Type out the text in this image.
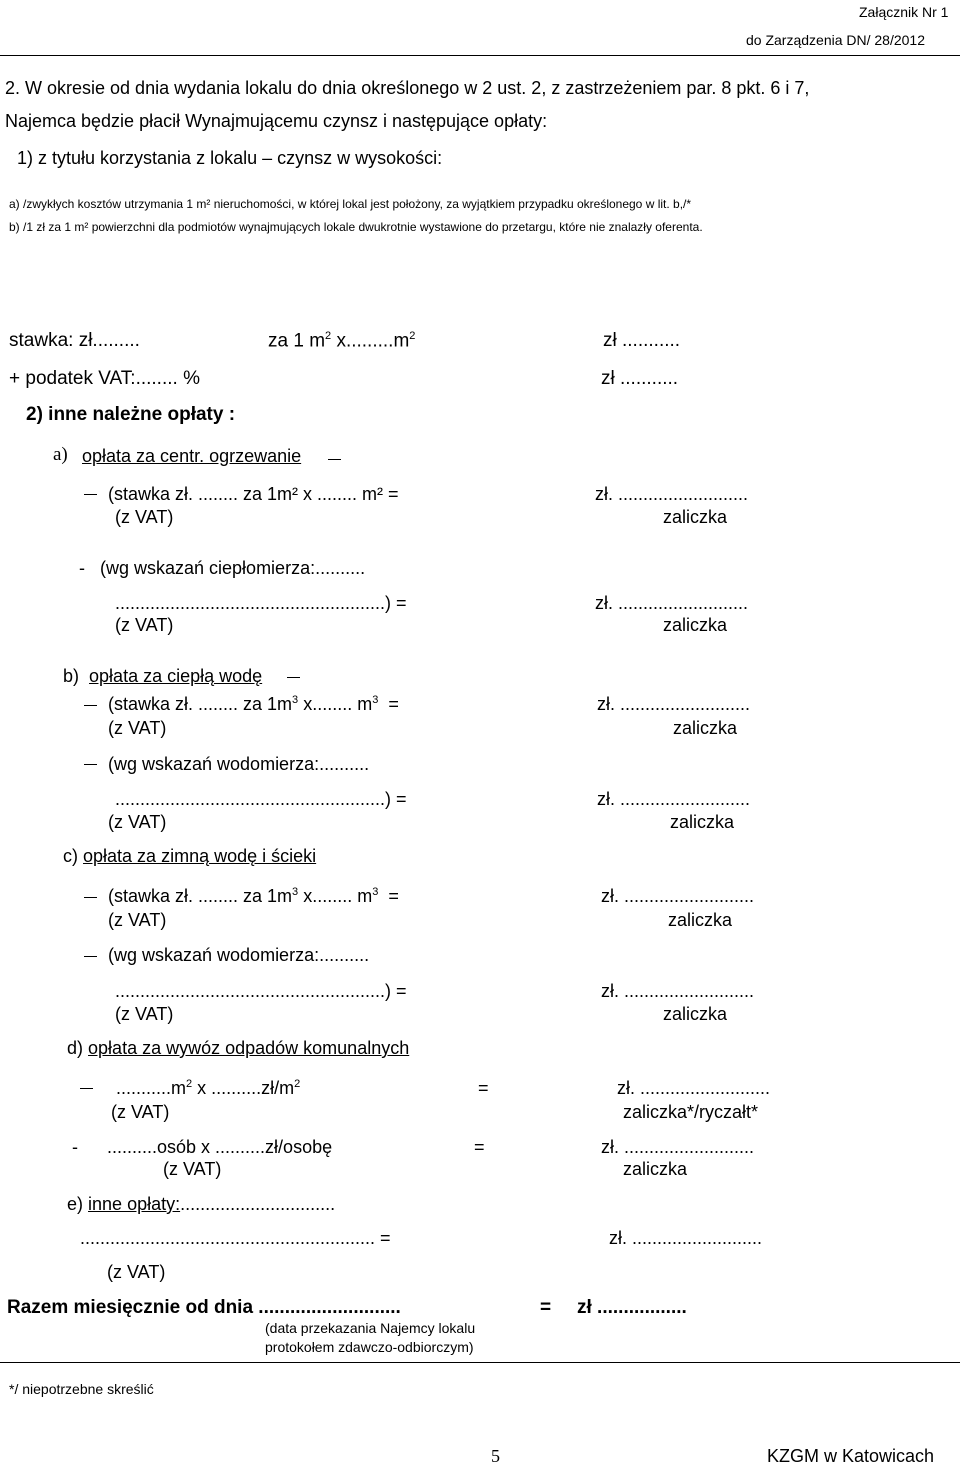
Załącznik Nr 1
do Zarządzenia DN/ 28/2012
2. W okresie od dnia wydania lokalu do dnia określonego w 2 ust. 2, z zastrzeżeniem par. 8 pkt. 6 i 7,
Najemca będzie płacił Wynajmującemu czynsz i następujące opłaty:
1) z tytułu korzystania z lokalu – czynsz w wysokości:
a) /zwykłych kosztów utrzymania 1 m² nieruchomości, w której lokal jest położony, za wyjątkiem przypadku określonego w lit. b,/*
b) /1 zł za 1 m² powierzchni dla podmiotów wynajmujących lokale dwukrotnie wystawione do przetargu, które nie znalazły oferenta.
stawka: zł.........	za 1 $m^2$ $x.........m^2$	zł ...........
+ podatek VAT:........ %	zł ...........
2) inne należne opłaty :
a) opłata za centr. ogrzewanie
(stawka zł. ........ za 1m² x ........ m² =	zł. ..........................
(z VAT)	zaliczka
- (wg wskazań ciepłomierza:..........
......................................................) =	zł. ..........................
(z VAT)	zaliczka
b) opłata za ciepłą wodę
(stawka zł. ........ za $1m^3$ x........ $m^3$ =	zł. ..........................
(z VAT)	zaliczka
(wg wskazań wodomierza:..........
......................................................) =	zł. ..........................
(z VAT)	zaliczka
c) opłata za zimną wodę i ścieki
(stawka zł. ........ za $1m^3$ x........ $m^3$ =	zł. ..........................
(z VAT)	zaliczka
(wg wskazań wodomierza:..........
......................................................) =	zł. ..........................
(z VAT)	zaliczka
d) opłata za wywóz odpadów komunalnych
$...........m^2$ x $..........zł/m^2$	=	zł. ..........................
(z VAT)	zaliczka*/ryczałt*
- ..........osób x ..........zł/osobę	=	zł. ..........................
(z VAT)	zaliczka
e) inne opłaty:...............................
........................................................... =	zł. ..........................
(z VAT)
Razem miesięcznie od dnia ...........................	= zł .................
(data przekazania Najemcy lokalu
protokołem zdawczo-odbiorczym)
*/ niepotrzebne skreślić
5	KZGM w Katowicach
